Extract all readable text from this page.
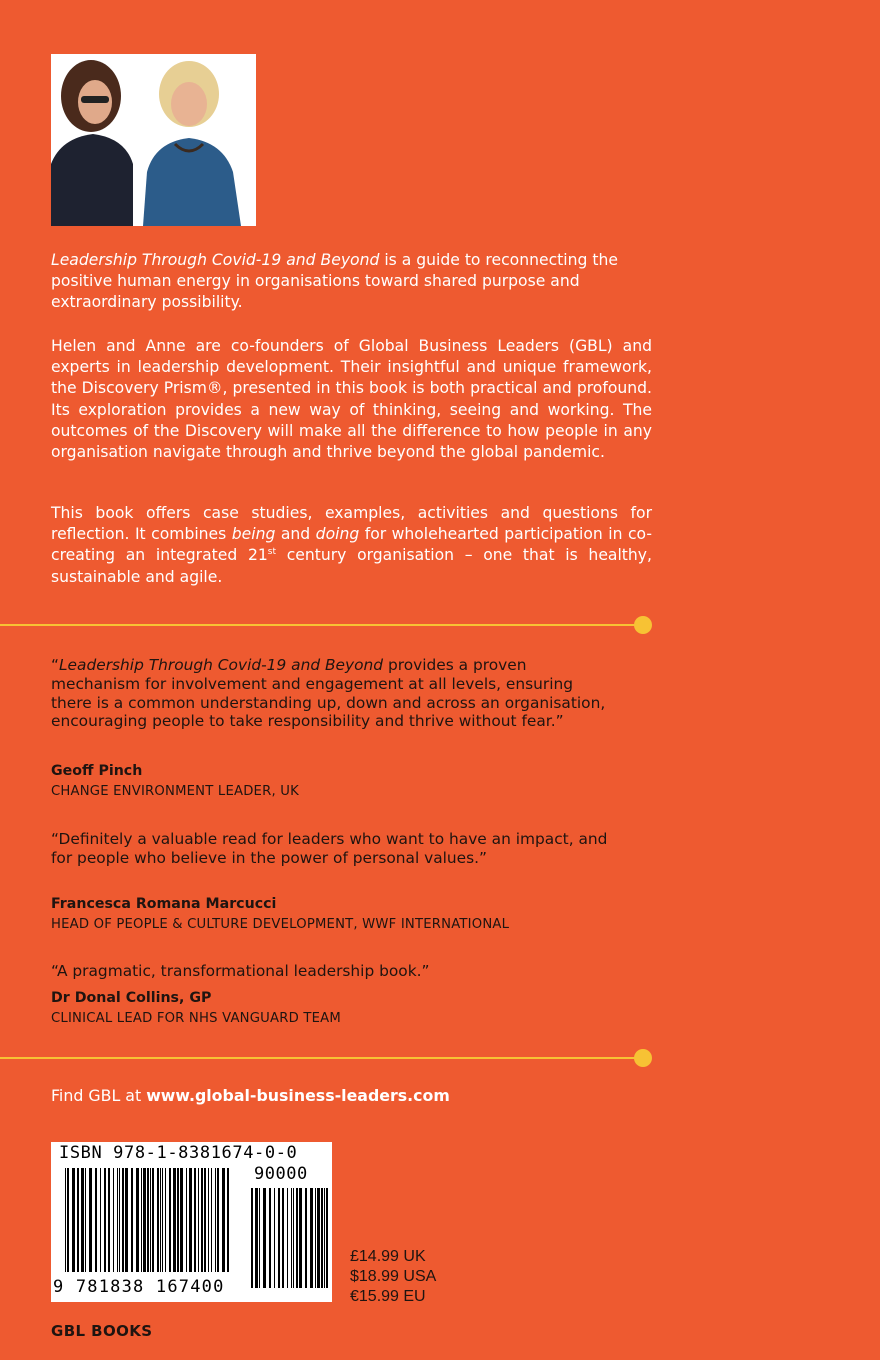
Leadership Through Covid-19 and Beyond is a guide to reconnecting the positive human energy in organisations toward shared purpose and extraordinary possibility.

Helen and Anne are co-founders of Global Business Leaders (GBL) and experts in leadership development. Their insightful and unique framework, the Discovery Prism®, presented in this book is both practical and profound. Its exploration provides a new way of thinking, seeing and working. The outcomes of the Discovery will make all the difference to how people in any organisation navigate through and thrive beyond the global pandemic.

This book offers case studies, examples, activities and questions for reflection. It combines being and doing for wholehearted participation in co-creating an integrated 21st century organisation – one that is healthy, sustainable and agile.

“Leadership Through Covid-19 and Beyond provides a proven mechanism for involvement and engagement at all levels, ensuring there is a common understanding up, down and across an organisation, encouraging people to take responsibility and thrive without fear.”

Geoff Pinch
CHANGE ENVIRONMENT LEADER, UK

“Definitely a valuable read for leaders who want to have an impact, and for people who believe in the power of personal values.”

Francesca Romana Marcucci
HEAD OF PEOPLE & CULTURE DEVELOPMENT, WWF INTERNATIONAL

“A pragmatic, transformational leadership book.”

Dr Donal Collins, GP
CLINICAL LEAD FOR NHS VANGUARD TEAM
Find GBL at www.global-business-leaders.com
ISBN 978-1-8381674-0-0
90000
9 781838 167400
£14.99 UK
$18.99 USA
€15.99 EU
GBL BOOKS
